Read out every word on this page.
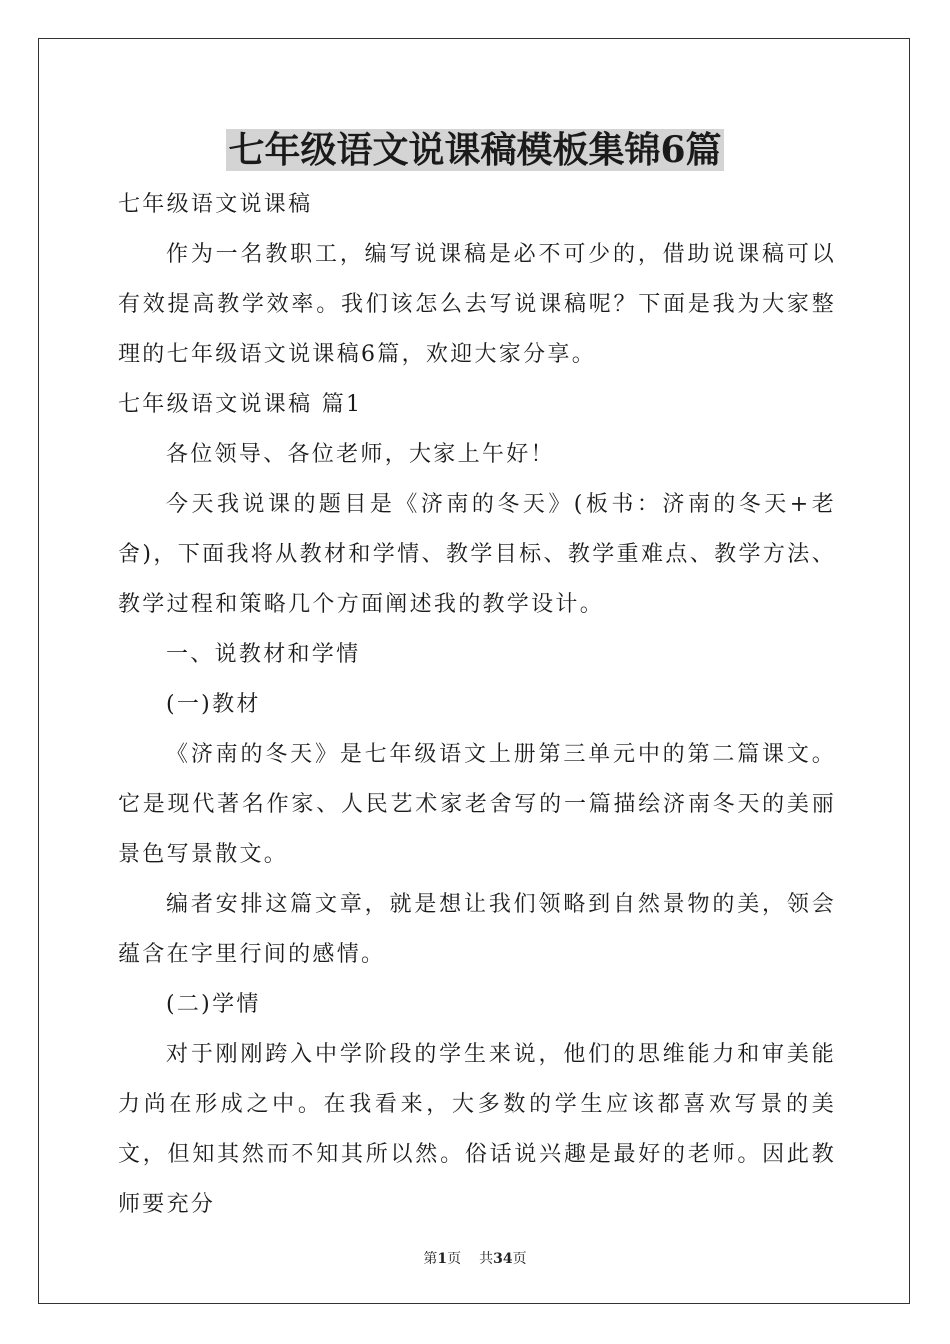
七年级语文说课稿模板集锦6篇

七年级语文说课稿

作为一名教职工，编写说课稿是必不可少的，借助说课稿可以有效提高教学效率。我们该怎么去写说课稿呢？下面是我为大家整理的七年级语文说课稿6篇，欢迎大家分享。

七年级语文说课稿 篇1

各位领导、各位老师，大家上午好！

今天我说课的题目是《济南的冬天》(板书：济南的冬天+老舍)，下面我将从教材和学情、教学目标、教学重难点、教学方法、教学过程和策略几个方面阐述我的教学设计。

一、说教材和学情

(一)教材

《济南的冬天》是七年级语文上册第三单元中的第二篇课文。它是现代著名作家、人民艺术家老舍写的一篇描绘济南冬天的美丽景色写景散文。

编者安排这篇文章，就是想让我们领略到自然景物的美，领会蕴含在字里行间的感情。

(二)学情

对于刚刚跨入中学阶段的学生来说，他们的思维能力和审美能力尚在形成之中。在我看来，大多数的学生应该都喜欢写景的美文，但知其然而不知其所以然。俗话说兴趣是最好的老师。因此教师要充分

第1页 共34页
